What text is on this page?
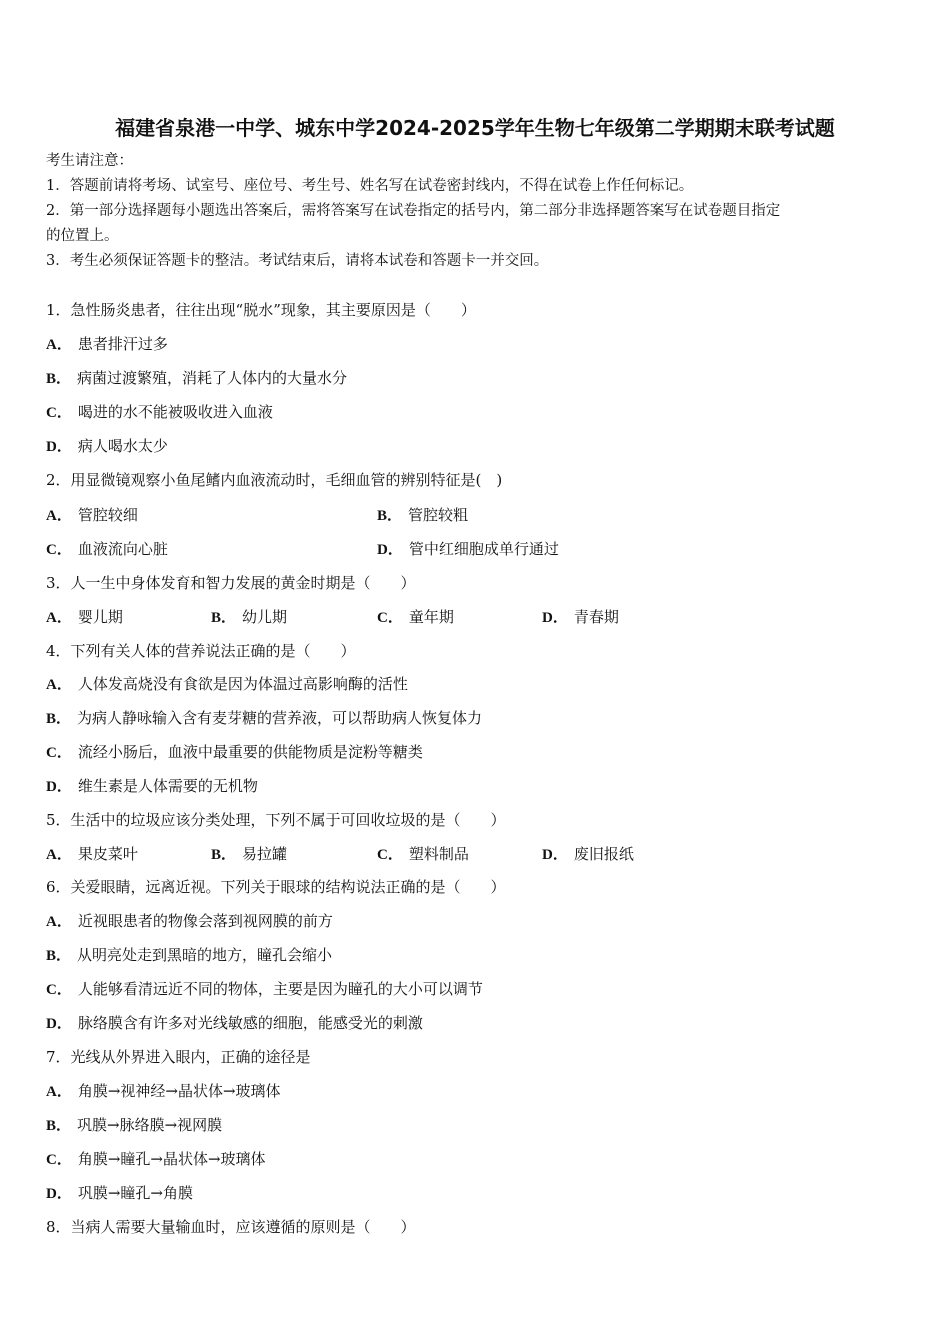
福建省泉港一中学、城东中学2024-2025学年生物七年级第二学期期末联考试题
考生请注意：
1．答题前请将考场、试室号、座位号、考生号、姓名写在试卷密封线内，不得在试卷上作任何标记。
2．第一部分选择题每小题选出答案后，需将答案写在试卷指定的括号内，第二部分非选择题答案写在试卷题目指定
的位置上。
3．考生必须保证答题卡的整洁。考试结束后，请将本试卷和答题卡一并交回。
1．急性肠炎患者，往往出现“脱水”现象，其主要原因是（　　）
A． 患者排汗过多
B． 病菌过渡繁殖，消耗了人体内的大量水分
C． 喝进的水不能被吸收进入血液
D． 病人喝水太少
2．用显微镜观察小鱼尾鳍内血液流动时，毛细血管的辨别特征是(　)
A． 管腔较细	B． 管腔较粗
C． 血液流向心脏	D． 管中红细胞成单行通过
3．人一生中身体发育和智力发展的黄金时期是（　　）
A． 婴儿期	B． 幼儿期	C． 童年期	D． 青春期
4．下列有关人体的营养说法正确的是（　　）
A． 人体发高烧没有食欲是因为体温过高影响酶的活性
B． 为病人静咏输入含有麦芽糖的营养液，可以帮助病人恢复体力
C． 流经小肠后，血液中最重要的供能物质是淀粉等糖类
D． 维生素是人体需要的无机物
5．生活中的垃圾应该分类处理，下列不属于可回收垃圾的是（　　）
A． 果皮菜叶	B． 易拉罐	C． 塑料制品	D． 废旧报纸
6．关爱眼睛，远离近视。下列关于眼球的结构说法正确的是（　　）
A． 近视眼患者的物像会落到视网膜的前方
B． 从明亮处走到黑暗的地方，瞳孔会缩小
C． 人能够看清远近不同的物体，主要是因为瞳孔的大小可以调节
D． 脉络膜含有许多对光线敏感的细胞，能感受光的刺激
7．光线从外界进入眼内，正确的途径是
A． 角膜→视神经→晶状体→玻璃体
B． 巩膜→脉络膜→视网膜
C． 角膜→瞳孔→晶状体→玻璃体
D． 巩膜→瞳孔→角膜
8．当病人需要大量输血时，应该遵循的原则是（　　）
